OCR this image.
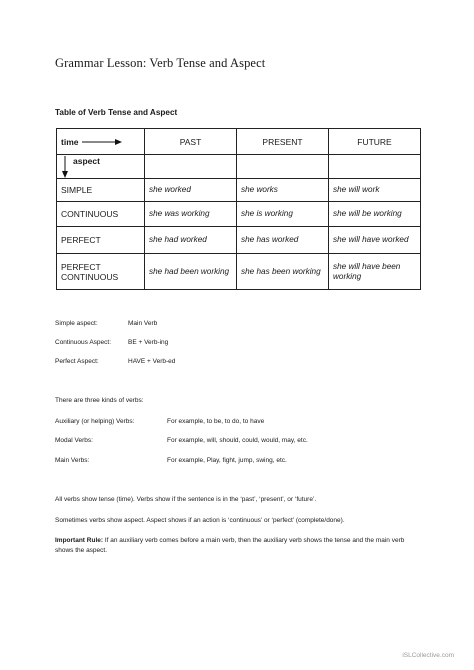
Grammar Lesson: Verb Tense and Aspect
Table of Verb Tense and Aspect
time	PAST	PRESENT	FUTURE

aspect			

SIMPLE	she worked	she works	she will work
CONTINUOUS	she was working	she is working	she will be working
PERFECT	she had worked	she has worked	she will have worked
PERFECT CONTINUOUS	she had been working	she has been working	she will have been working
Simple aspect:	Main Verb
Continuous Aspect:	BE + Verb-ing
Perfect Aspect:	HAVE + Verb-ed
There are three kinds of verbs:
Auxiliary (or helping) Verbs:	For example, to be, to do, to have
Modal Verbs:	For example, will, should, could, would, may, etc.
Main Verbs:	For example, Play, fight, jump, swing, etc.
All verbs show tense (time). Verbs show if the sentence is in the ‘past’, ‘present’, or ‘future’.
Sometimes verbs show aspect. Aspect shows if an action is ‘continuous’ or ‘perfect’ (complete/done).
Important Rule: If an auxiliary verb comes before a main verb, then the auxiliary verb shows the tense and the main verb shows the aspect.
iSLCollective.com
